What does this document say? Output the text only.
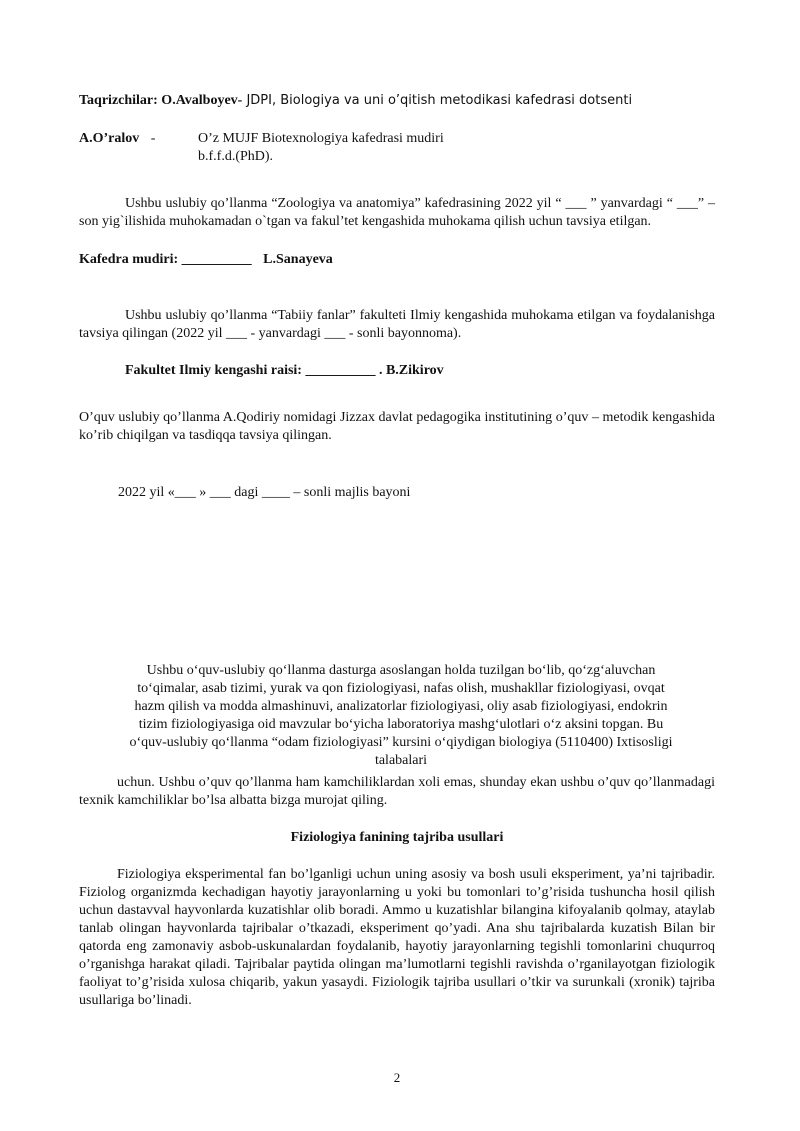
Taqrizchilar: O.Avalboyev- JDPI, Biologiya va uni o’qitish metodikasi kafedrasi dotsenti
A.O’ralov -	O’z MUJF Biotexnologiya kafedrasi mudiri
b.f.f.d.(PhD).
Ushbu uslubiy qo’llanma “Zoologiya va anatomiya” kafedrasining 2022 yil “ ___ ” yanvardagi “ ___” – son yig`ilishida muhokamadan o`tgan va fakul’tet kengashida muhokama qilish uchun tavsiya etilgan.
Kafedra mudiri: __________ L.Sanayeva
Ushbu uslubiy qo’llanma “Tabiiy fanlar” fakulteti Ilmiy kengashida muhokama etilgan va foydalanishga tavsiya qilingan (2022 yil ___ - yanvardagi ___ - sonli bayonnoma).
Fakultet Ilmiy kengashi raisi: __________ . B.Zikirov
O’quv uslubiy qo’llanma A.Qodiriy nomidagi Jizzax davlat pedagogika institutining o’quv – metodik kengashida ko’rib chiqilgan va tasdiqqa tavsiya qilingan.
2022 yil «___ » ___ dagi ____ – sonli majlis bayoni
Ushbu o‘quv-uslubiy qo‘llanma dasturga asoslangan holda tuzilgan bo‘lib, qo‘zg‘aluvchan
to‘qimalar, asab tizimi, yurak va qon fiziologiyasi, nafas olish, mushakllar fiziologiyasi, ovqat
hazm qilish va modda almashinuvi, analizatorlar fiziologiyasi, oliy asab fiziologiyasi, endokrin
tizim fiziologiyasiga oid mavzular bo‘yicha laboratoriya mashg‘ulotlari o‘z aksini topgan. Bu
o‘quv-uslubiy qo‘llanma “odam fiziologiyasi” kursini o‘qiydigan biologiya (5110400) Ixtisosligi
talabalari
uchun. Ushbu o’quv qo’llanma ham kamchiliklardan xoli emas, shunday ekan ushbu o’quv qo’llanmadagi texnik kamchiliklar bo’lsa albatta bizga murojat qiling.
Fiziologiya fanining tajriba usullari
Fiziologiya eksperimental fan bo’lganligi uchun uning asosiy va bosh usuli eksperiment, ya’ni tajribadir. Fiziolog organizmda kechadigan hayotiy jarayonlarning u yoki bu tomonlari to’g’risida tushuncha hosil qilish uchun dastavval hayvonlarda kuzatishlar olib boradi. Ammo u kuzatishlar bilangina kifoyalanib qolmay, ataylab tanlab olingan hayvonlarda tajribalar o’tkazadi, eksperiment qo’yadi. Ana shu tajribalarda kuzatish Bilan bir qatorda eng zamonaviy asbob-uskunalardan foydalanib, hayotiy jarayonlarning tegishli tomonlarini chuqurroq o’rganishga harakat qiladi. Tajribalar paytida olingan ma’lumotlarni tegishli ravishda o’rganilayotgan fiziologik faoliyat to’g’risida xulosa chiqarib, yakun yasaydi. Fiziologik tajriba usullari o’tkir va surunkali (xronik) tajriba usullariga bo’linadi.
2
